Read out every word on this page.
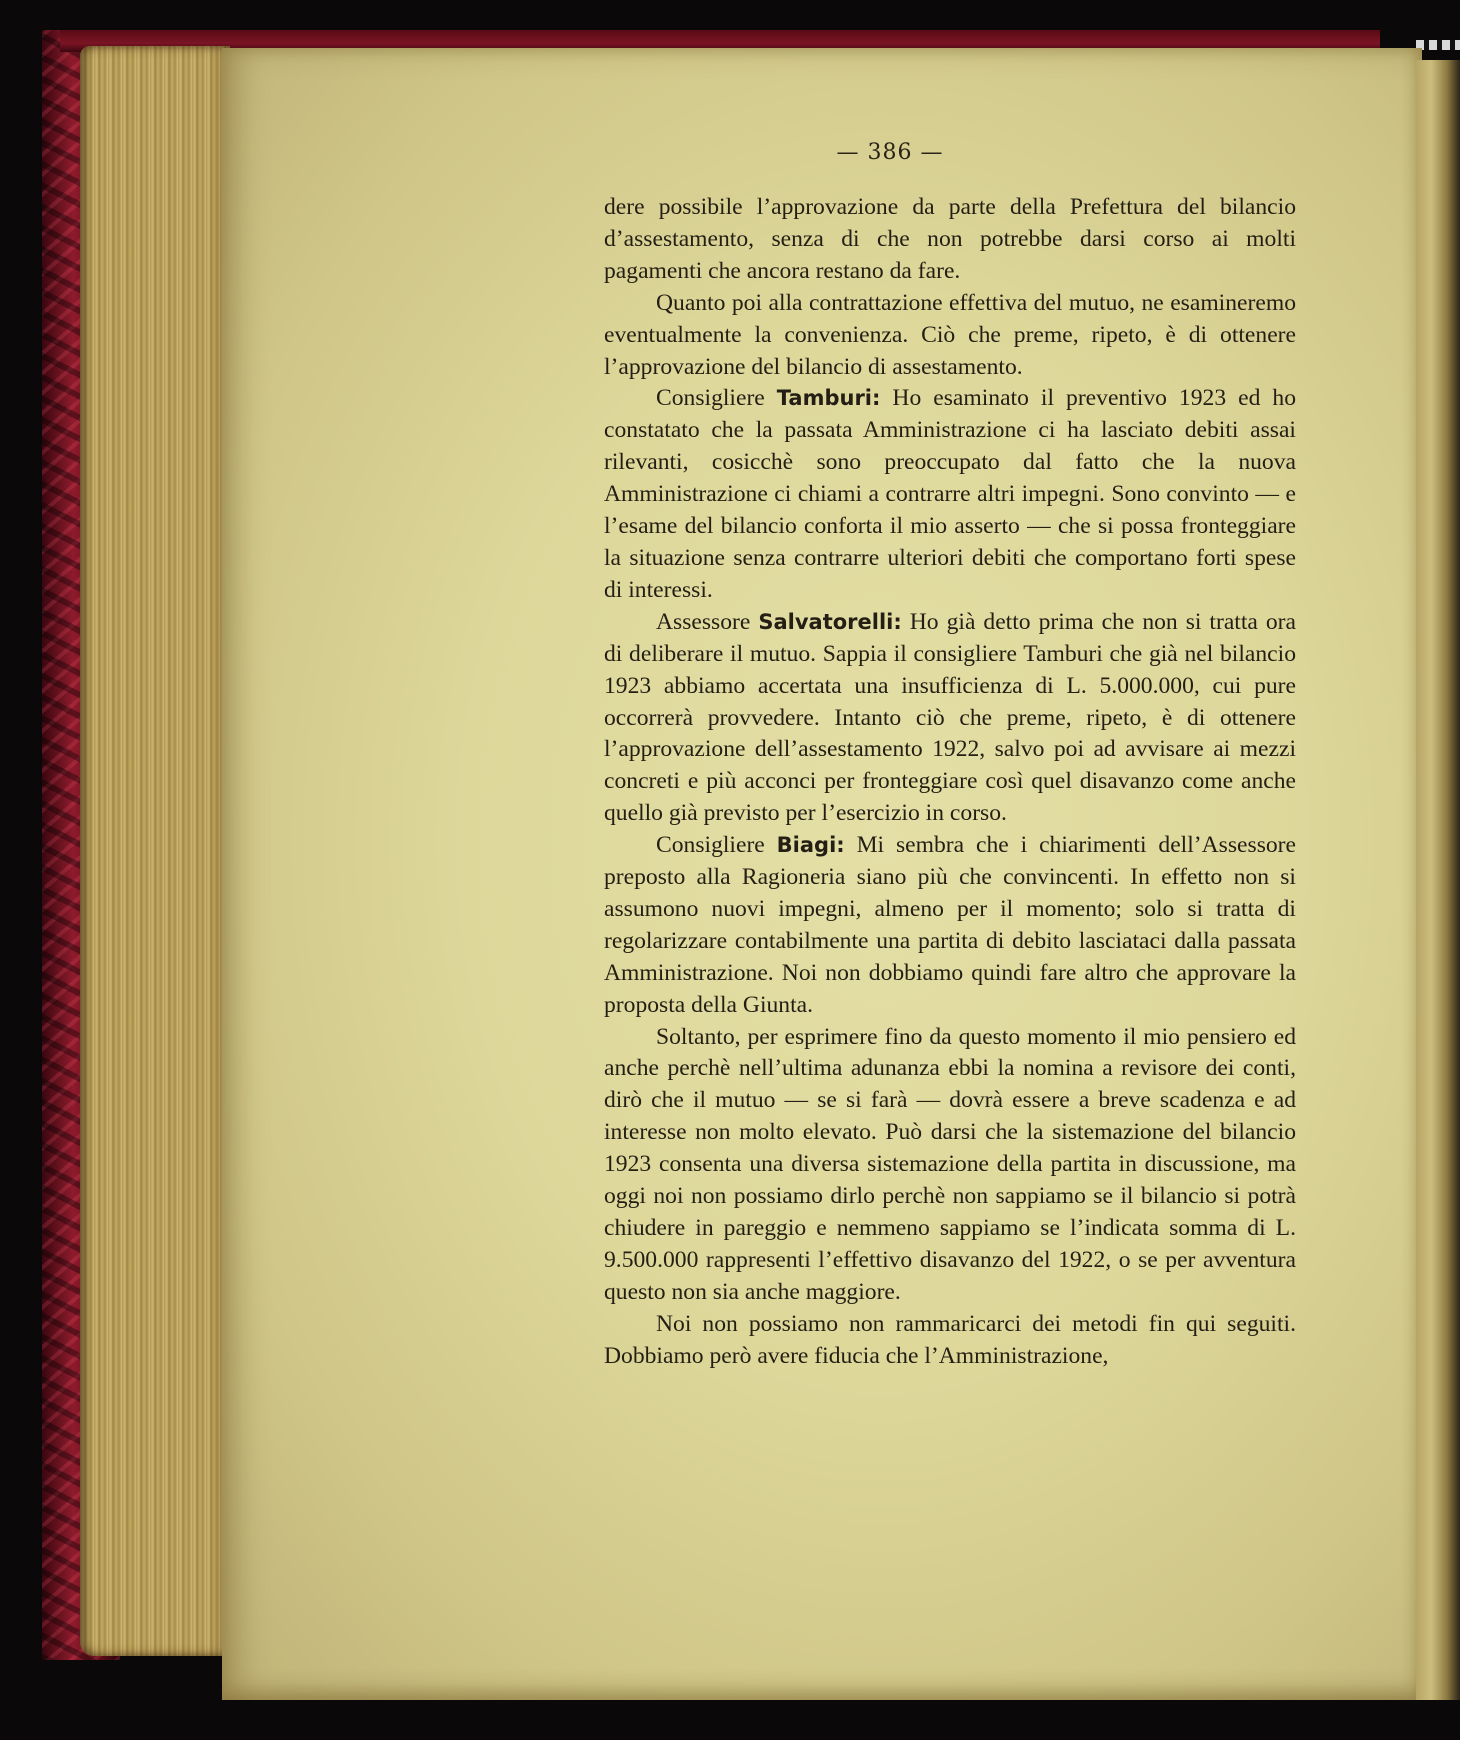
— 386 —

dere possibile l’approvazione da parte della Prefettura del bilancio d’assestamento, senza di che non potrebbe darsi corso ai molti pagamenti che ancora restano da fare.

Quanto poi alla contrattazione effettiva del mutuo, ne esamineremo eventualmente la convenienza. Ciò che preme, ripeto, è di ottenere l’approvazione del bilancio di assestamento.

Consigliere Tamburi: Ho esaminato il preventivo 1923 ed ho constatato che la passata Amministrazione ci ha lasciato debiti assai rilevanti, cosicchè sono preoccupato dal fatto che la nuova Amministrazione ci chiami a contrarre altri impegni. Sono convinto — e l’esame del bilancio conforta il mio asserto — che si possa fronteggiare la situazione senza contrarre ulteriori debiti che comportano forti spese di interessi.

Assessore Salvatorelli: Ho già detto prima che non si tratta ora di deliberare il mutuo. Sappia il consigliere Tamburi che già nel bilancio 1923 abbiamo accertata una insufficienza di L. 5.000.000, cui pure occorrerà provvedere. Intanto ciò che preme, ripeto, è di ottenere l’approvazione dell’assestamento 1922, salvo poi ad avvisare ai mezzi concreti e più acconci per fronteggiare così quel disavanzo come anche quello già previsto per l’esercizio in corso.

Consigliere Biagi: Mi sembra che i chiarimenti dell’Assessore preposto alla Ragioneria siano più che convincenti. In effetto non si assumono nuovi impegni, almeno per il momento; solo si tratta di regolarizzare contabilmente una partita di debito lasciataci dalla passata Amministrazione. Noi non dobbiamo quindi fare altro che approvare la proposta della Giunta.

Soltanto, per esprimere fino da questo momento il mio pensiero ed anche perchè nell’ultima adunanza ebbi la nomina a revisore dei conti, dirò che il mutuo — se si farà — dovrà essere a breve scadenza e ad interesse non molto elevato. Può darsi che la sistemazione del bilancio 1923 consenta una diversa sistemazione della partita in discussione, ma oggi noi non possiamo dirlo perchè non sappiamo se il bilancio si potrà chiudere in pareggio e nemmeno sappiamo se l’indicata somma di L. 9.500.000 rappresenti l’effettivo disavanzo del 1922, o se per avventura questo non sia anche maggiore.

Noi non possiamo non rammaricarci dei metodi fin qui seguiti. Dobbiamo però avere fiducia che l’Amministrazione,
